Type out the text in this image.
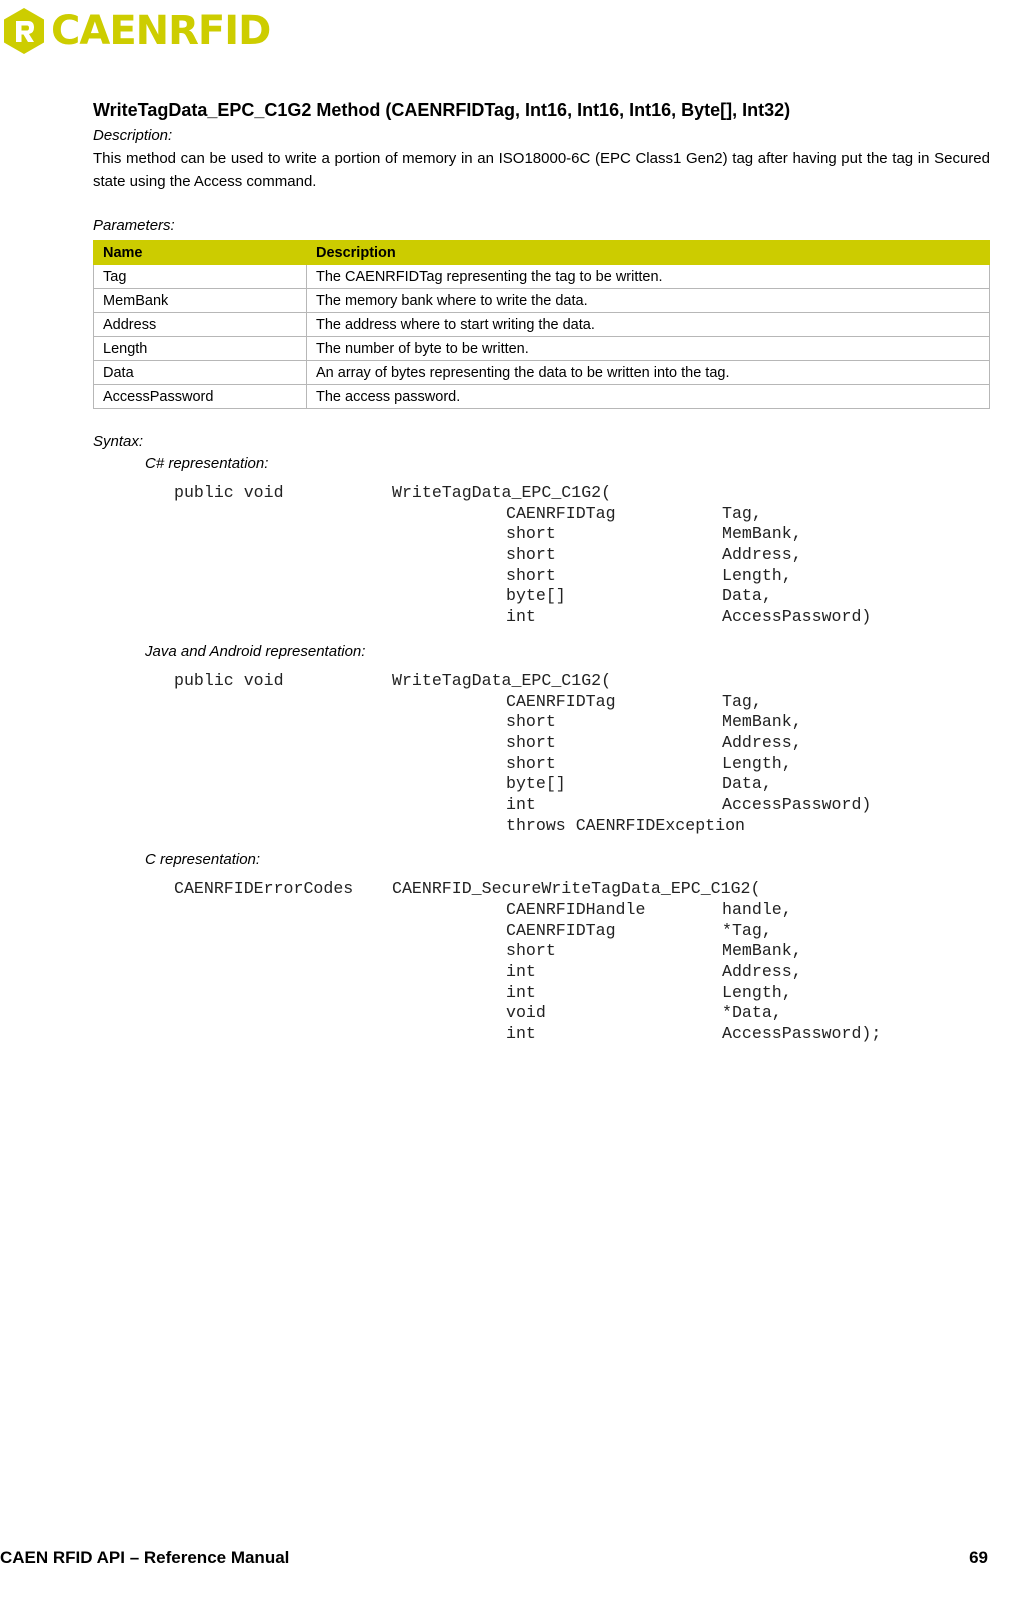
CAENRFID
WriteTagData_EPC_C1G2 Method (CAENRFIDTag, Int16, Int16, Int16, Byte[], Int32)

Description:

This method can be used to write a portion of memory in an ISO18000-6C (EPC Class1 Gen2) tag after having put the tag in Secured state using the Access command.

Parameters:

Name	Description
Tag	The CAENRFIDTag representing the tag to be written.
MemBank	The memory bank where to write the data.
Address	The address where to start writing the data.
Length	The number of byte to be written.
Data	An array of bytes representing the data to be written into the tag.
AccessPassword	The access password.

Syntax:

C# representation:

public void	WriteTagData_EPC_C1G2(
CAENRFIDTag	Tag,
short	MemBank,
short	Address,
short	Length,
byte[]	Data,
int	AccessPassword)

Java and Android representation:

public void	WriteTagData_EPC_C1G2(
CAENRFIDTag	Tag,
short	MemBank,
short	Address,
short	Length,
byte[]	Data,
int	AccessPassword)
throws CAENRFIDException

C representation:

CAENRFIDErrorCodes	CAENRFID_SecureWriteTagData_EPC_C1G2(
CAENRFIDHandle	handle,
CAENRFIDTag	*Tag,
short	MemBank,
int	Address,
int	Length,
void	*Data,
int	AccessPassword);
CAEN RFID API – Reference Manual	69
